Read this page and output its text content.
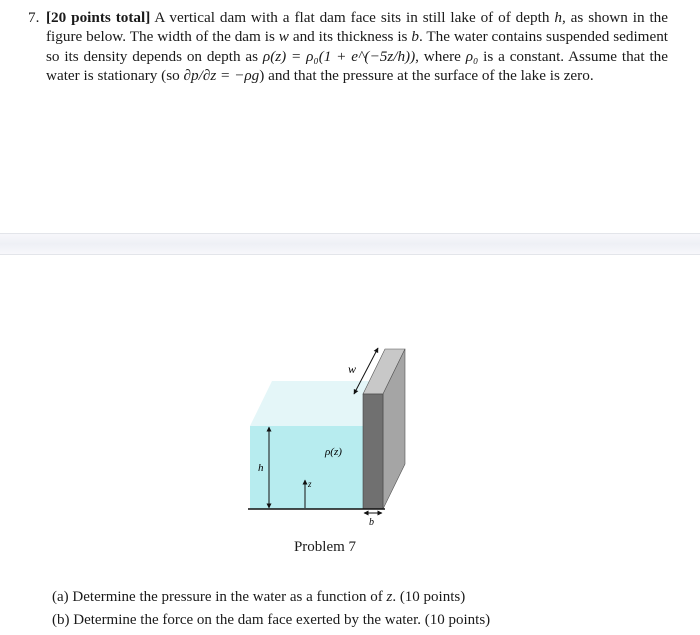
7. [20 points total] A vertical dam with a flat dam face sits in still lake of of depth h, as shown in the figure below. The width of the dam is w and its thickness is b. The water contains suspended sediment so its density depends on depth as ρ(z) = ρ₀(1 + e^(−5z/h)), where ρ₀ is a constant. Assume that the water is stationary (so ∂p/∂z = −ρg) and that the pressure at the surface of the lake is zero.
w
h
z
ρ(z)
b
Problem 7
(a) Determine the pressure in the water as a function of z. (10 points)
(b) Determine the force on the dam face exerted by the water. (10 points)
